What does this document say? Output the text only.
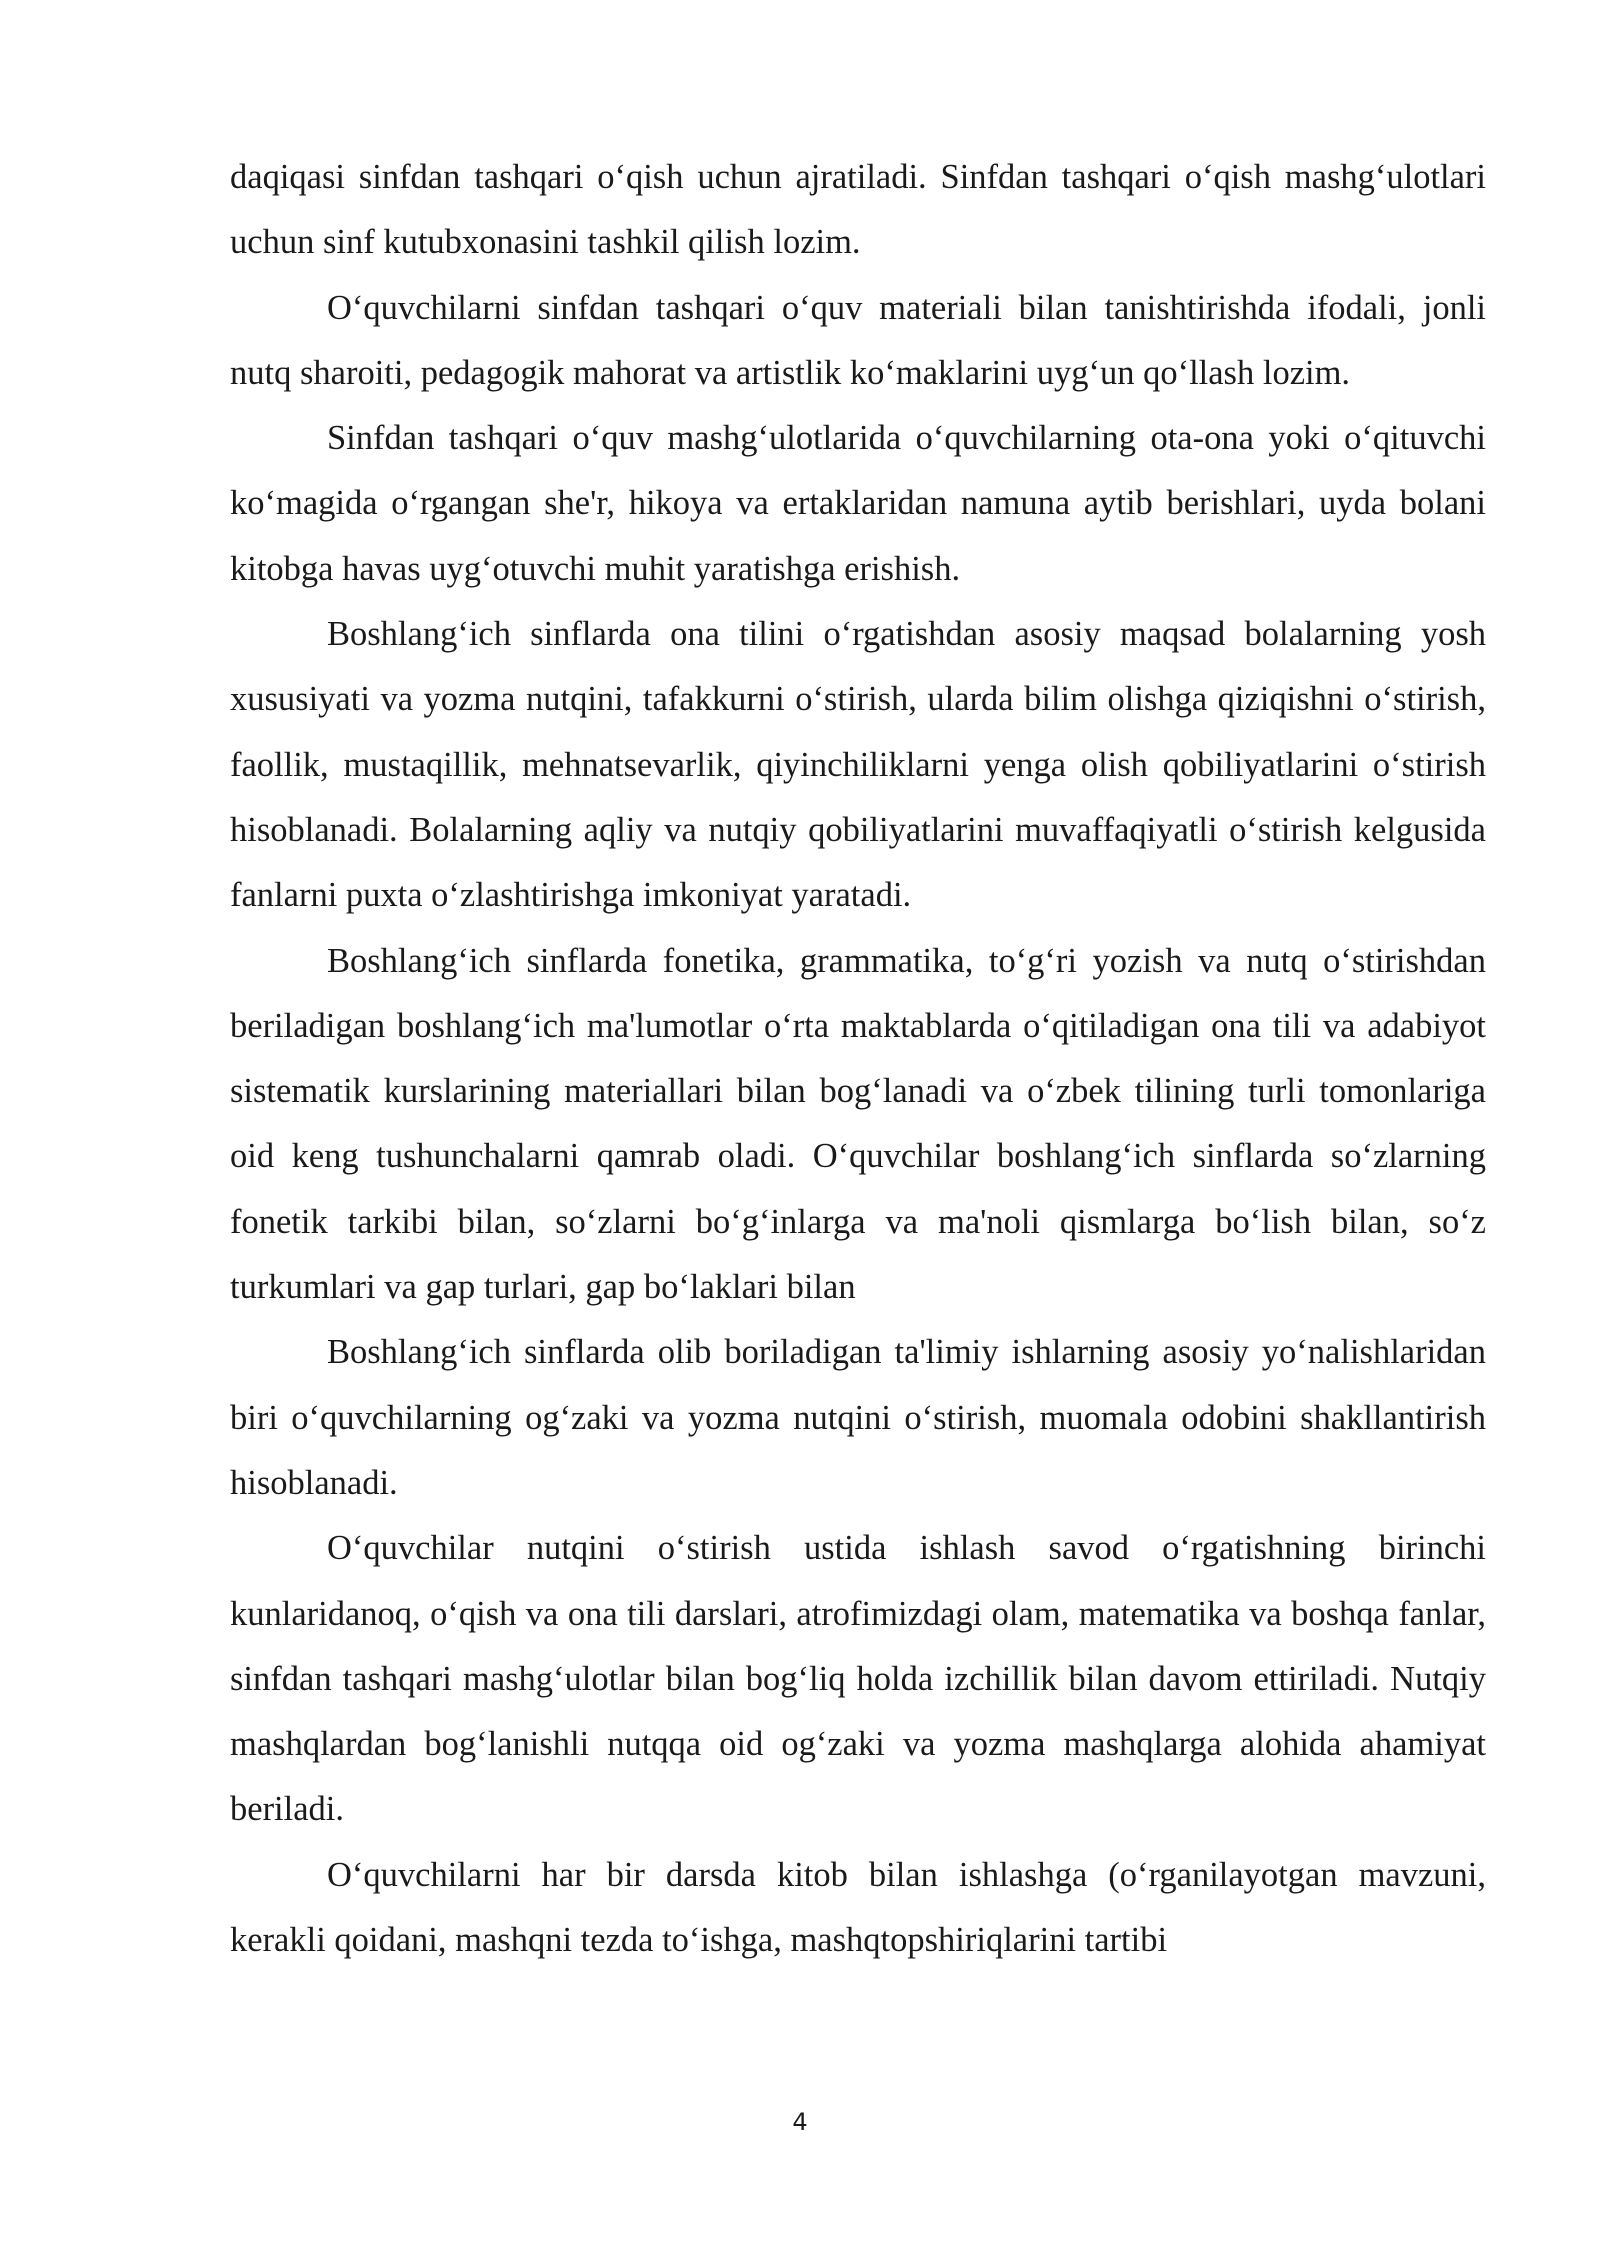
daqiqasi sinfdan tashqari o‘qish uchun ajratiladi. Sinfdan tashqari o‘qish mashg‘ulotlari uchun sinf kutubxonasini tashkil qilish lozim.

O‘quvchilarni sinfdan tashqari o‘quv materiali bilan tanishtirishda ifodali, jonli nutq sharoiti, pedagogik mahorat va artistlik ko‘maklarini uyg‘un qo‘llash lozim.

Sinfdan tashqari o‘quv mashg‘ulotlarida o‘quvchilarning ota-ona yoki o‘qituvchi ko‘magida o‘rgangan she'r, hikoya va ertaklaridan namuna aytib berishlari, uyda bolani kitobga havas uyg‘otuvchi muhit yaratishga erishish.

Boshlang‘ich sinflarda ona tilini o‘rgatishdan asosiy maqsad bolalarning yosh xususiyati va yozma nutqini, tafakkurni o‘stirish, ularda bilim olishga qiziqishni o‘stirish, faollik, mustaqillik, mehnatsevarlik, qiyinchiliklarni yenga olish qobiliyatlarini o‘stirish hisoblanadi. Bolalarning aqliy va nutqiy qobiliyatlarini muvaffaqiyatli o‘stirish kelgusida fanlarni puxta o‘zlashtirishga imkoniyat yaratadi.

Boshlang‘ich sinflarda fonetika, grammatika, to‘g‘ri yozish va nutq o‘stirishdan beriladigan boshlang‘ich ma'lumotlar o‘rta maktablarda o‘qitiladigan ona tili va adabiyot sistematik kurslarining materiallari bilan bog‘lanadi va o‘zbek tilining turli tomonlariga oid keng tushunchalarni qamrab oladi. O‘quvchilar boshlang‘ich sinflarda so‘zlarning fonetik tarkibi bilan, so‘zlarni bo‘g‘inlarga va ma'noli qismlarga bo‘lish bilan, so‘z turkumlari va gap turlari, gap bo‘laklari bilan

Boshlang‘ich sinflarda olib boriladigan ta'limiy ishlarning asosiy yo‘nalishlaridan biri o‘quvchilarning og‘zaki va yozma nutqini o‘stirish, muomala odobini shakllantirish hisoblanadi.

O‘quvchilar nutqini o‘stirish ustida ishlash savod o‘rgatishning birinchi kunlaridanoq, o‘qish va ona tili darslari, atrofimizdagi olam, matematika va boshqa fanlar, sinfdan tashqari mashg‘ulotlar bilan bog‘liq holda izchillik bilan davom ettiriladi. Nutqiy mashqlardan bog‘lanishli nutqqa oid og‘zaki va yozma mashqlarga alohida ahamiyat beriladi.

O‘quvchilarni har bir darsda kitob bilan ishlashga (o‘rganilayotgan mavzuni, kerakli qoidani, mashqni tezda to‘ishga, mashqtopshiriqlarini tartibi

4
